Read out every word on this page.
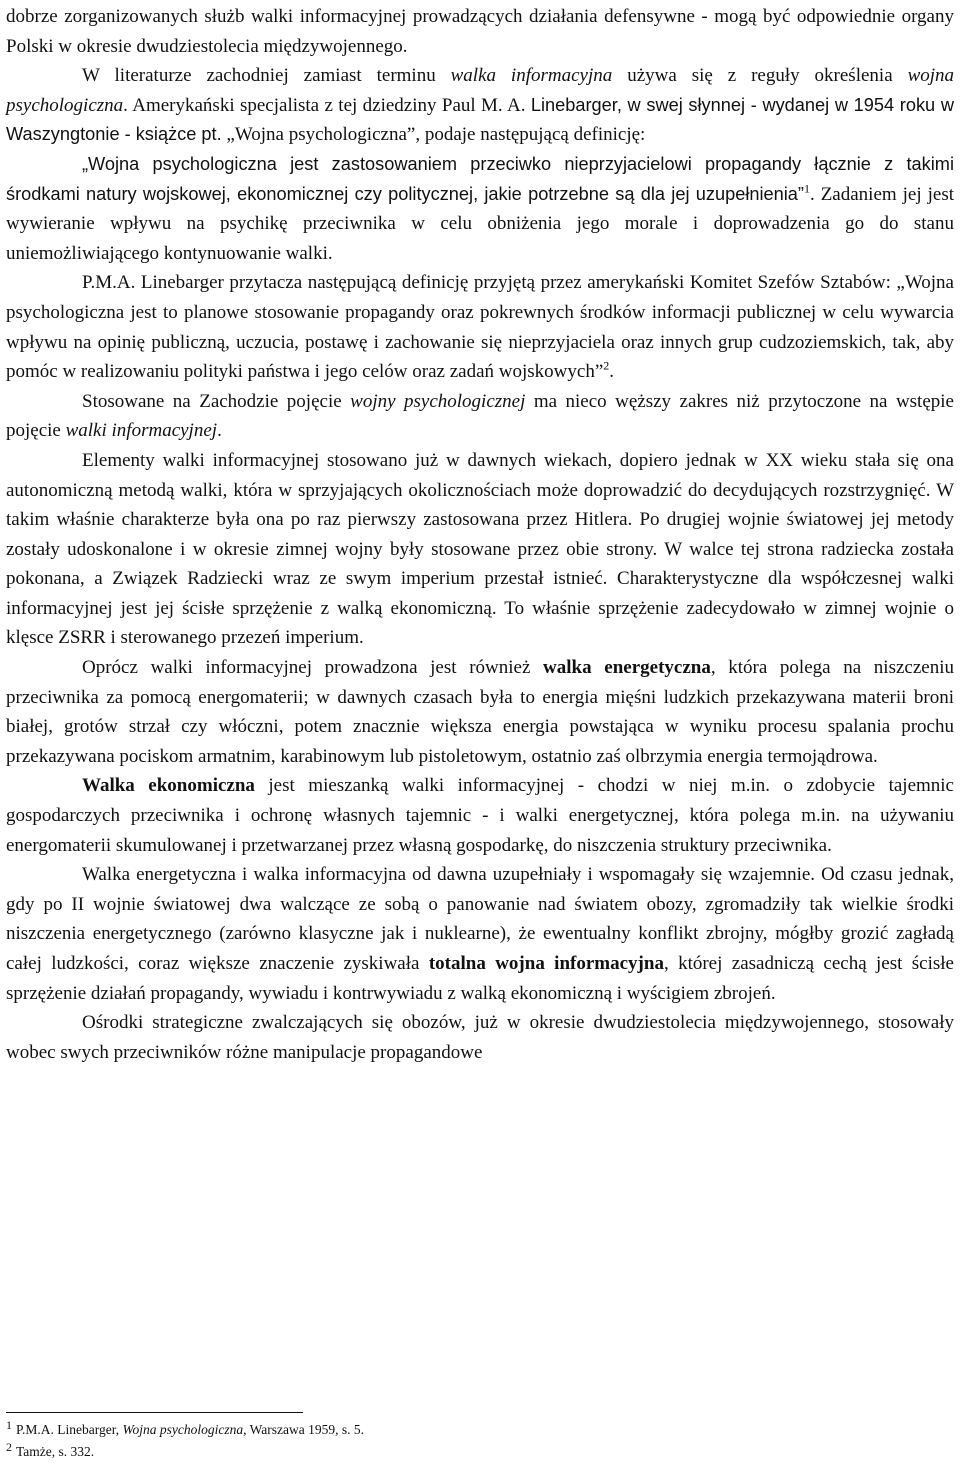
dobrze zorganizowanych służb walki informacyjnej prowadzących działania defensywne - mogą być odpowiednie organy Polski w okresie dwudziestolecia międzywojennego.

W literaturze zachodniej zamiast terminu walka informacyjna używa się z reguły określenia wojna psychologiczna. Amerykański specjalista z tej dziedziny Paul M. A. Linebarger, w swej słynnej - wydanej w 1954 roku w Waszyngtonie - książce pt. „Wojna psychologiczna”, podaje następującą definicję:

„Wojna psychologiczna jest zastosowaniem przeciwko nieprzyjacielowi propagandy łącznie z takimi środkami natury wojskowej, ekonomicznej czy politycznej, jakie potrzebne są dla jej uzupełnienia”$^1$. Zadaniem jej jest wywieranie wpływu na psychikę przeciwnika w celu obniżenia jego morale i doprowadzenia go do stanu uniemożliwiającego kontynuowanie walki.

P.M.A. Linebarger przytacza następującą definicję przyjętą przez amerykański Komitet Szefów Sztabów: „Wojna psychologiczna jest to planowe stosowanie propagandy oraz pokrewnych środków informacji publicznej w celu wywarcia wpływu na opinię publiczną, uczucia, postawę i zachowanie się nieprzyjaciela oraz innych grup cudzoziemskich, tak, aby pomóc w realizowaniu polityki państwa i jego celów oraz zadań wojskowych”$^2$.

Stosowane na Zachodzie pojęcie wojny psychologicznej ma nieco węższy zakres niż przytoczone na wstępie pojęcie walki informacyjnej.

Elementy walki informacyjnej stosowano już w dawnych wiekach, dopiero jednak w XX wieku stała się ona autonomiczną metodą walki, która w sprzyjających okolicznościach może doprowadzić do decydujących rozstrzygnięć. W takim właśnie charakterze była ona po raz pierwszy zastosowana przez Hitlera. Po drugiej wojnie światowej jej metody zostały udoskonalone i w okresie zimnej wojny były stosowane przez obie strony. W walce tej strona radziecka została pokonana, a Związek Radziecki wraz ze swym imperium przestał istnieć. Charakterystyczne dla współczesnej walki informacyjnej jest jej ścisłe sprzężenie z walką ekonomiczną. To właśnie sprzężenie zadecydowało w zimnej wojnie o klęsce ZSRR i sterowanego przezeń imperium.

Oprócz walki informacyjnej prowadzona jest również walka energetyczna, która polega na niszczeniu przeciwnika za pomocą energomaterii; w dawnych czasach była to energia mięśni ludzkich przekazywana materii broni białej, grotów strzał czy włóczni, potem znacznie większa energia powstająca w wyniku procesu spalania prochu przekazywana pociskom armatnim, karabinowym lub pistoletowym, ostatnio zaś olbrzymia energia termojądrowa.

Walka ekonomiczna jest mieszanką walki informacyjnej - chodzi w niej m.in. o zdobycie tajemnic gospodarczych przeciwnika i ochronę własnych tajemnic - i walki energetycznej, która polega m.in. na używaniu energomaterii skumulowanej i przetwarzanej przez własną gospodarkę, do niszczenia struktury przeciwnika.

Walka energetyczna i walka informacyjna od dawna uzupełniały i wspomagały się wzajemnie. Od czasu jednak, gdy po II wojnie światowej dwa walczące ze sobą o panowanie nad światem obozy, zgromadziły tak wielkie środki niszczenia energetycznego (zarówno klasyczne jak i nuklearne), że ewentualny konflikt zbrojny, mógłby grozić zagładą całej ludzkości, coraz większe znaczenie zyskiwała totalna wojna informacyjna, której zasadniczą cechą jest ścisłe sprzężenie działań propagandy, wywiadu i kontrwywiadu z walką ekonomiczną i wyścigiem zbrojeń.

Ośrodki strategiczne zwalczających się obozów, już w okresie dwudziestolecia międzywojennego, stosowały wobec swych przeciwników różne manipulacje propagandowe

1 P.M.A. Linebarger, Wojna psychologiczna, Warszawa 1959, s. 5.
2 Tamże, s. 332.
